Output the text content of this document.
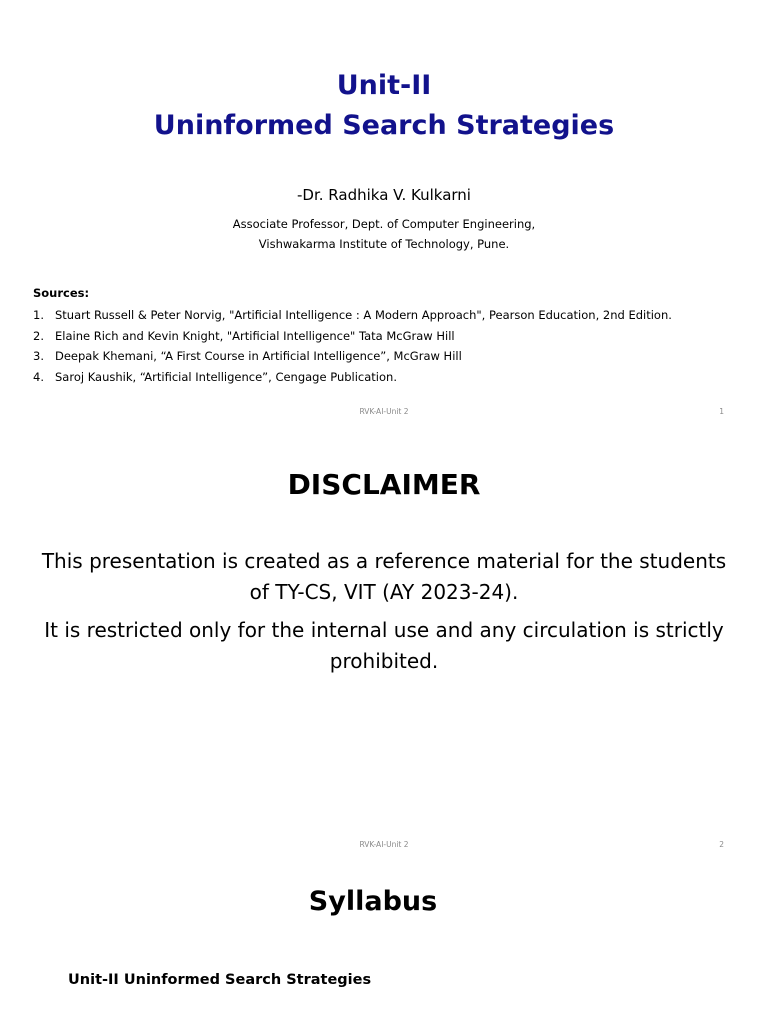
Unit-II
Uninformed Search Strategies
-Dr. Radhika V. Kulkarni
Associate Professor, Dept. of Computer Engineering,
Vishwakarma Institute of Technology, Pune.
Sources:
1. Stuart Russell & Peter Norvig, "Artificial Intelligence : A Modern Approach", Pearson Education, 2nd Edition.
2. Elaine Rich and Kevin Knight, "Artificial Intelligence" Tata McGraw Hill
3. Deepak Khemani, “A First Course in Artificial Intelligence”, McGraw Hill
4. Saroj Kaushik, “Artificial Intelligence”, Cengage Publication.
RVK-AI-Unit 2	1
DISCLAIMER

This presentation is created as a reference material for the students of TY-CS, VIT (AY 2023-24).

It is restricted only for the internal use and any circulation is strictly prohibited.

RVK-AI-Unit 2	2
Syllabus
Unit-II Uninformed Search Strategies
